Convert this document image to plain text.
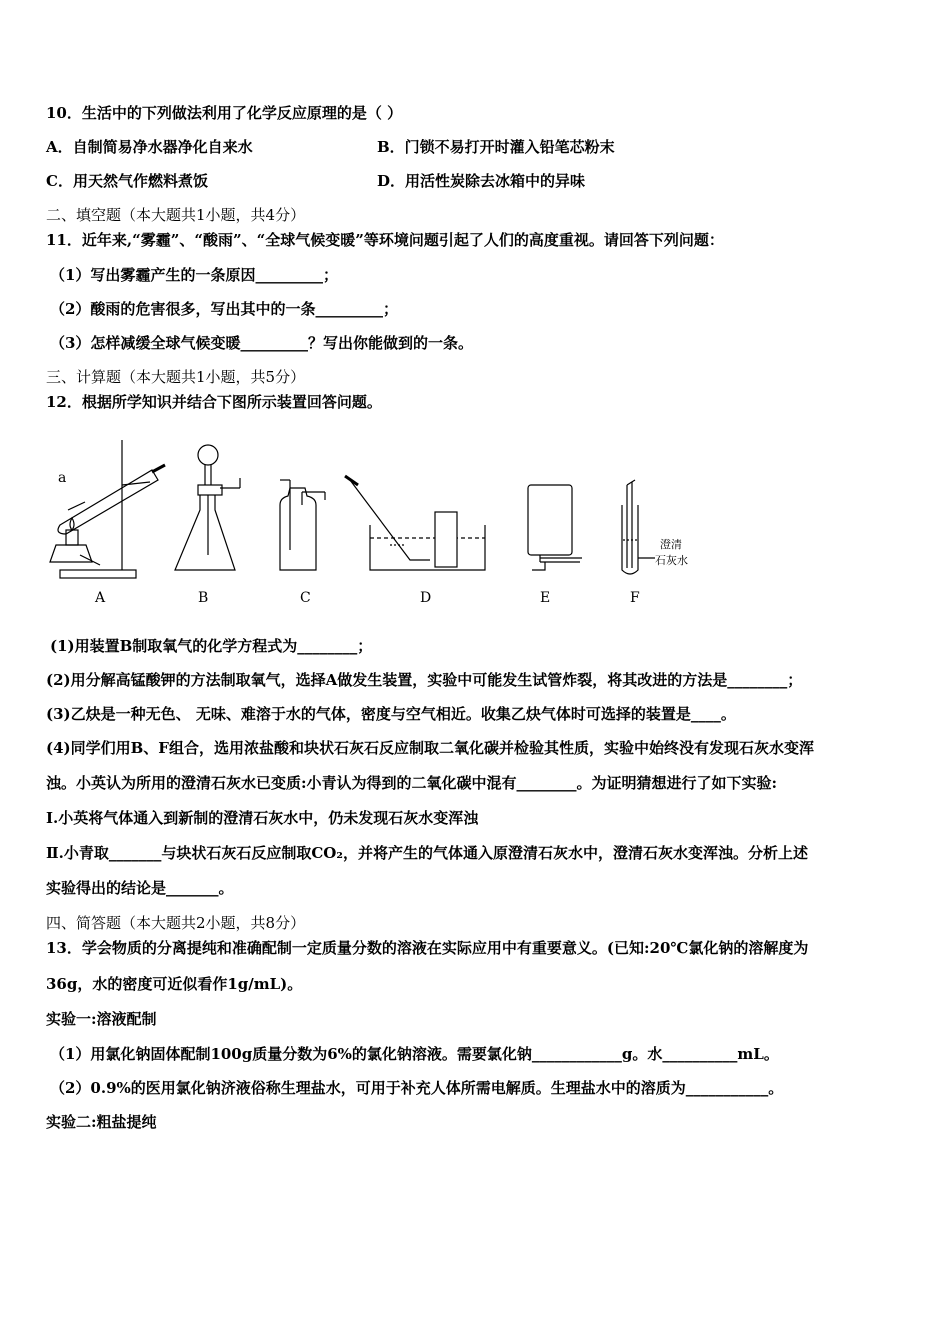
10．生活中的下列做法利用了化学反应原理的是（ ）
A．自制简易净水器净化自来水	B．门锁不易打开时灌入铅笔芯粉末
C．用天然气作燃料煮饭	D．用活性炭除去冰箱中的异味
二、填空题（本大题共1小题，共4分）
11．近年来,“雾霾”、“酸雨”、“全球气候变暖”等环境问题引起了人们的高度重视。请回答下列问题：
（1）写出雾霾产生的一条原因_________；
（2）酸雨的危害很多，写出其中的一条_________；
（3）怎样减缓全球气候变暖_________？写出你能做到的一条。
三、计算题（本大题共1小题，共5分）
12．根据所学知识并结合下图所示装置回答问题。
a
澄清
石灰水
A	B	C	D	E	F
(1)用装置B制取氧气的化学方程式为________；
(2)用分解高锰酸钾的方法制取氧气，选择A做发生装置，实验中可能发生试管炸裂，将其改进的方法是________；
(3)乙炔是一种无色、 无味、难溶于水的气体，密度与空气相近。收集乙炔气体时可选择的装置是____。
(4)同学们用B、F组合，选用浓盐酸和块状石灰石反应制取二氧化碳并检验其性质，实验中始终没有发现石灰水变浑
浊。小英认为所用的澄清石灰水已变质:小青认为得到的二氧化碳中混有________。为证明猜想进行了如下实验:
Ⅰ.小英将气体通入到新制的澄清石灰水中，仍未发现石灰水变浑浊
Ⅱ.小青取_______与块状石灰石反应制取CO₂，并将产生的气体通入原澄清石灰水中，澄清石灰水变浑浊。分析上述
实验得出的结论是_______。
四、简答题（本大题共2小题，共8分）
13．学会物质的分离提纯和准确配制一定质量分数的溶液在实际应用中有重要意义。(已知:20℃氯化钠的溶解度为
36g，水的密度可近似看作1g/mL)。
实验一:溶液配制
（1）用氯化钠固体配制100g质量分数为6%的氯化钠溶液。需要氯化钠____________g。水__________mL。
（2）0.9%的医用氯化钠济液俗称生理盐水，可用于补充人体所需电解质。生理盐水中的溶质为___________。
实验二:粗盐提纯
